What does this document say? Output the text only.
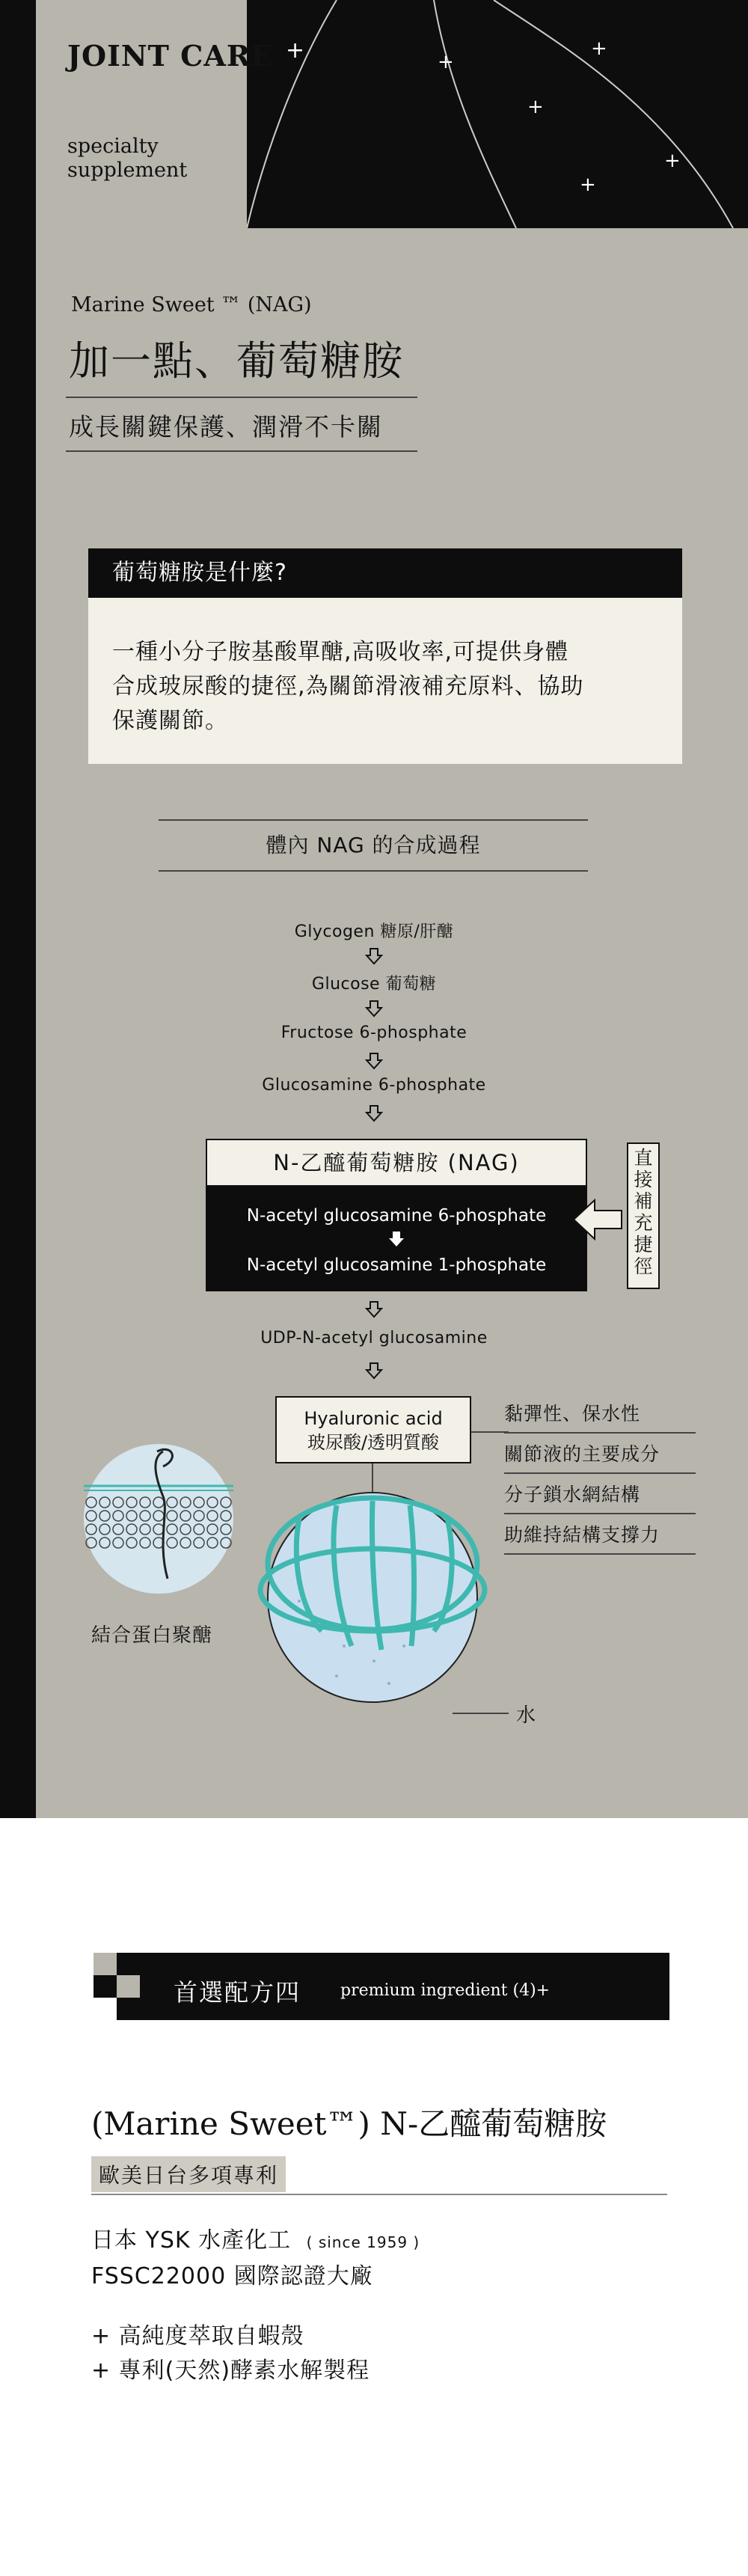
JOINT CARE +
specialty
supplement
+
+
+
+
+
Marine Sweet ™ (NAG)
加一點、葡萄糖胺
成長關鍵保護、潤滑不卡關
葡萄糖胺是什麼?
一種小分子胺基酸單醣,高吸收率,可提供身體
合成玻尿酸的捷徑,為關節滑液補充原料、協助
保護關節。
體內 NAG 的合成過程
Glycogen 糖原/肝醣
Glucose 葡萄糖
Fructose 6-phosphate
Glucosamine 6-phosphate
N-乙醯葡萄糖胺 (NAG)
N-acetyl glucosamine 6-phosphate
N-acetyl glucosamine 1-phosphate
直
接
補
充
捷
徑
UDP-N-acetyl glucosamine
Hyaluronic acid
玻尿酸/透明質酸
黏彈性、保水性
關節液的主要成分
分子鎖水網結構
助維持結構支撐力
結合蛋白聚醣
水
首選配方四 premium ingredient (4)+
(Marine Sweet™) N-乙醯葡萄糖胺
歐美日台多項專利
日本 YSK 水產化工 ( since 1959 )
FSSC22000 國際認證大廠
+ 高純度萃取自蝦殼
+ 專利(天然)酵素水解製程
